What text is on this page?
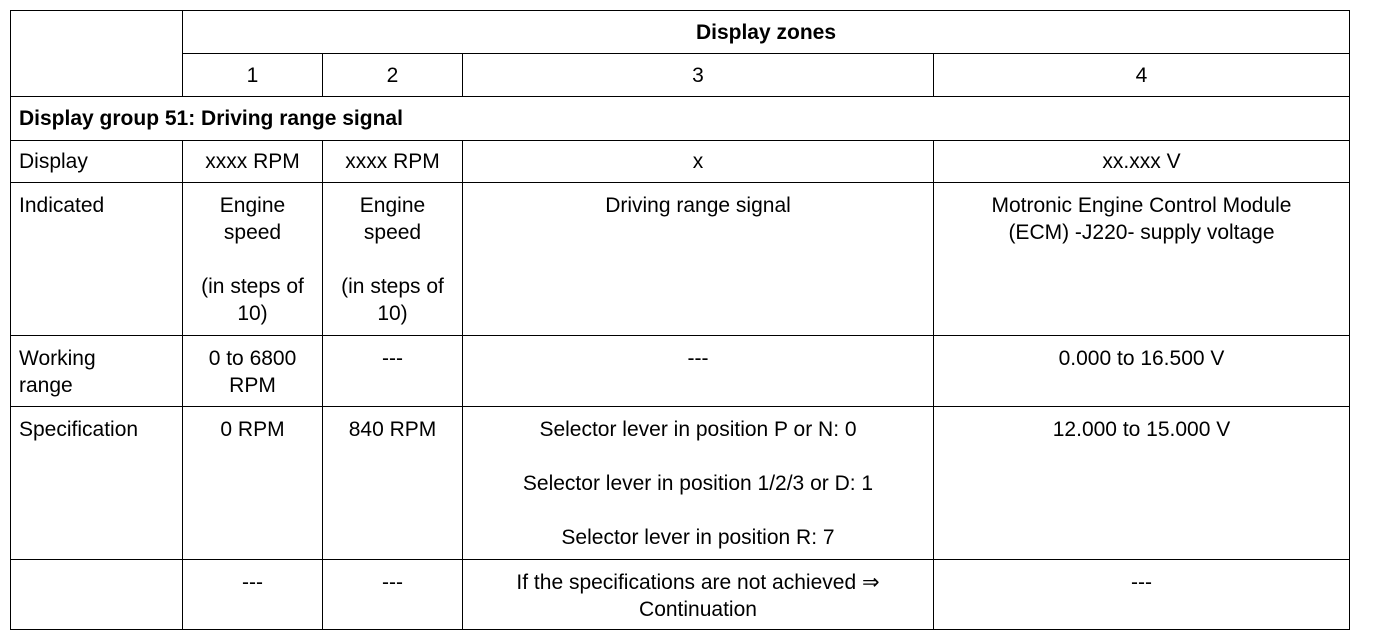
	Display zones			
	1	2	3	4
Display group 51: Driving range signal				
Display	xxxx RPM	xxxx RPM	x	xx.xxx V
Indicated	Engine
speed
(in steps of
10)	Engine
speed
(in steps of
10)	Driving range signal	Motronic Engine Control Module
(ECM) -J220- supply voltage

Working
range	0 to 6800
RPM	---	---	0.000 to 16.500 V
Specification	0 RPM	840 RPM	Selector lever in position P or N: 0
Selector lever in position 1/2/3 or D: 1
Selector lever in position R: 7	12.000 to 15.000 V
	---	---	If the specifications are not achieved ⇒
Continuation	---
